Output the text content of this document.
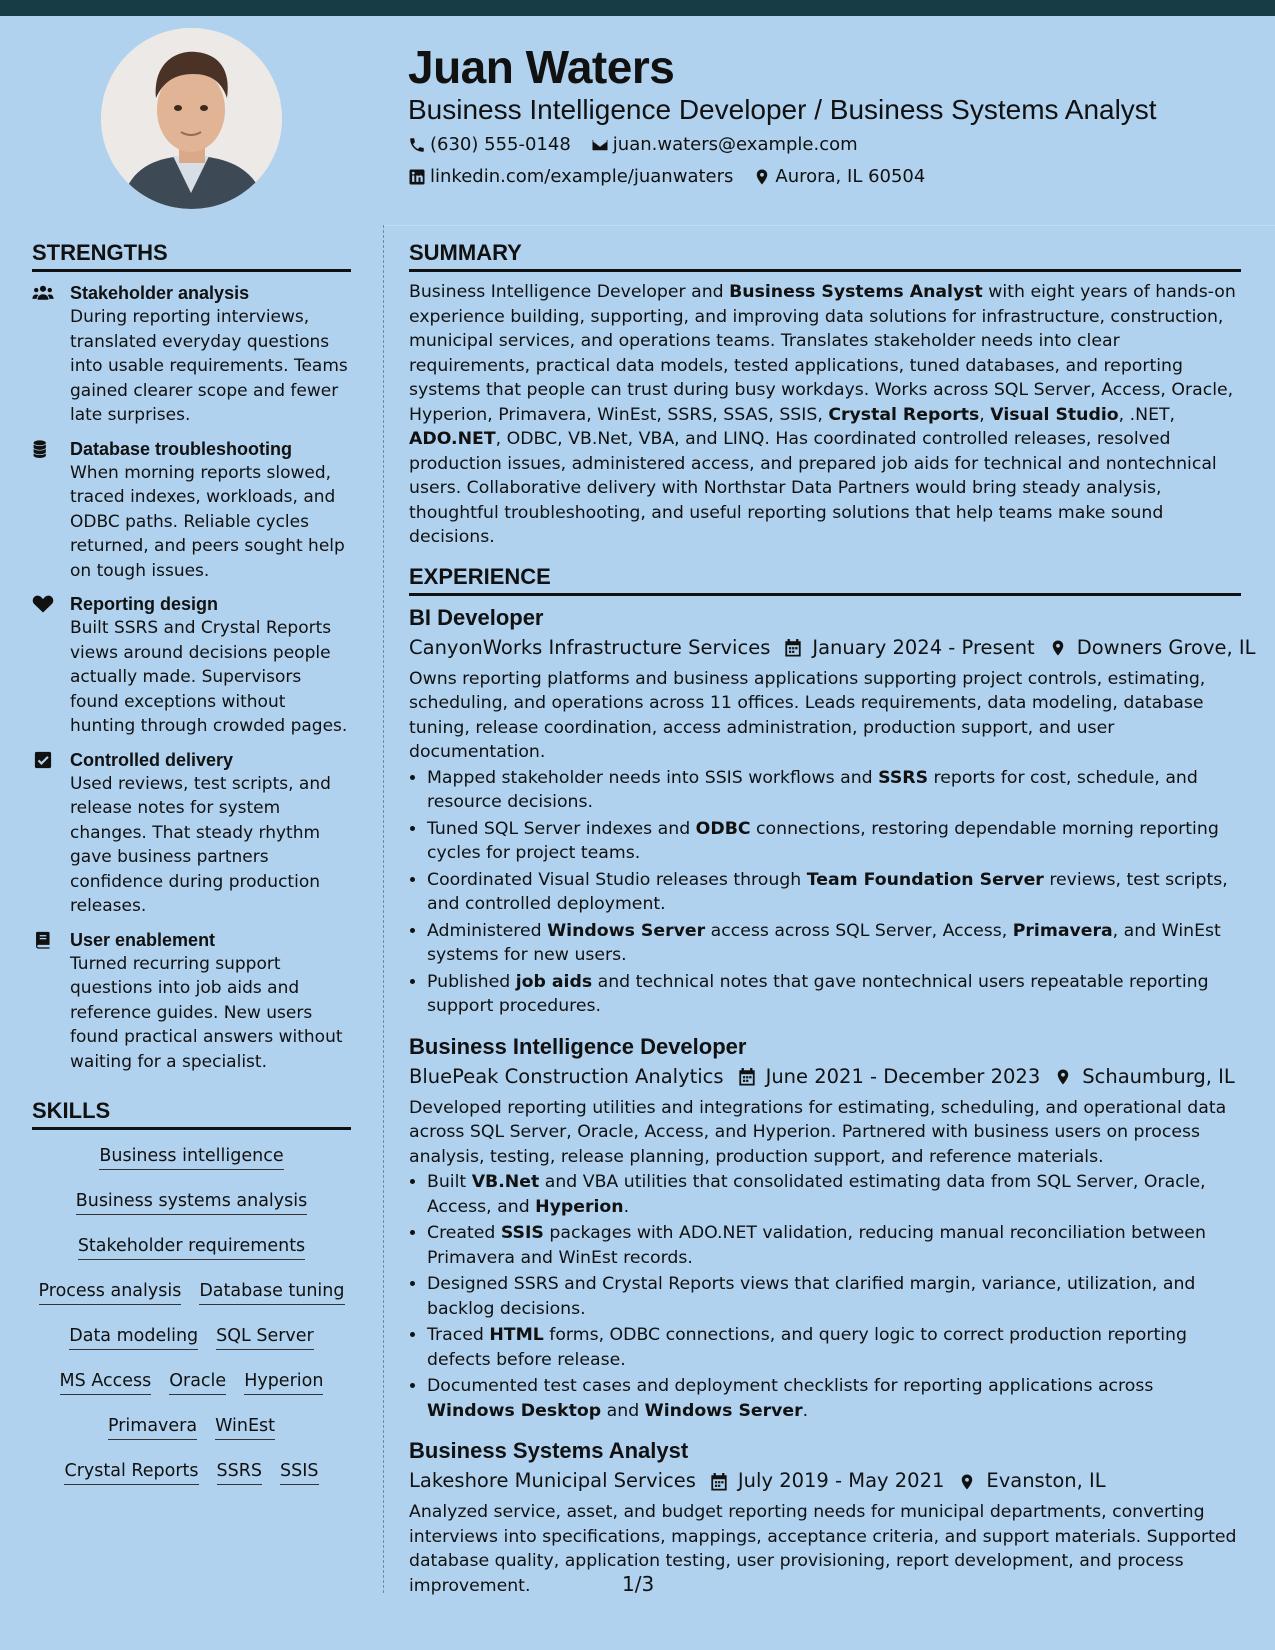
Juan Waters
Business Intelligence Developer / Business Systems Analyst
(630) 555-0148 juan.waters@example.com
linkedin.com/example/juanwaters Aurora, IL 60504
STRENGTHS
Stakeholder analysis
During reporting interviews, translated everyday questions into usable requirements. Teams gained clearer scope and fewer late surprises.
Database troubleshooting
When morning reports slowed, traced indexes, workloads, and ODBC paths. Reliable cycles returned, and peers sought help on tough issues.
Reporting design
Built SSRS and Crystal Reports views around decisions people actually made. Supervisors found exceptions without hunting through crowded pages.
Controlled delivery
Used reviews, test scripts, and release notes for system changes. That steady rhythm gave business partners confidence during production releases.
User enablement
Turned recurring support questions into job aids and reference guides. New users found practical answers without waiting for a specialist.
SKILLS
Business intelligence
Business systems analysis
Stakeholder requirements
Process analysis Database tuning
Data modeling SQL Server
MS Access Oracle Hyperion
Primavera WinEst
Crystal Reports SSRS SSIS
SUMMARY
Business Intelligence Developer and Business Systems Analyst with eight years of hands-on experience building, supporting, and improving data solutions for infrastructure, construction, municipal services, and operations teams. Translates stakeholder needs into clear requirements, practical data models, tested applications, tuned databases, and reporting systems that people can trust during busy workdays. Works across SQL Server, Access, Oracle, Hyperion, Primavera, WinEst, SSRS, SSAS, SSIS, Crystal Reports, Visual Studio, .NET, ADO.NET, ODBC, VB.Net, VBA, and LINQ. Has coordinated controlled releases, resolved production issues, administered access, and prepared job aids for technical and nontechnical users. Collaborative delivery with Northstar Data Partners would bring steady analysis, thoughtful troubleshooting, and useful reporting solutions that help teams make sound decisions.
EXPERIENCE
BI Developer
CanyonWorks Infrastructure Services January 2024 - Present Downers Grove, IL
Owns reporting platforms and business applications supporting project controls, estimating, scheduling, and operations across 11 offices. Leads requirements, data modeling, database tuning, release coordination, access administration, production support, and user documentation.
• Mapped stakeholder needs into SSIS workflows and SSRS reports for cost, schedule, and resource decisions.
• Tuned SQL Server indexes and ODBC connections, restoring dependable morning reporting cycles for project teams.
• Coordinated Visual Studio releases through Team Foundation Server reviews, test scripts, and controlled deployment.
• Administered Windows Server access across SQL Server, Access, Primavera, and WinEst systems for new users.
• Published job aids and technical notes that gave nontechnical users repeatable reporting support procedures.
Business Intelligence Developer
BluePeak Construction Analytics June 2021 - December 2023 Schaumburg, IL
Developed reporting utilities and integrations for estimating, scheduling, and operational data across SQL Server, Oracle, Access, and Hyperion. Partnered with business users on process analysis, testing, release planning, production support, and reference materials.
• Built VB.Net and VBA utilities that consolidated estimating data from SQL Server, Oracle, Access, and Hyperion.
• Created SSIS packages with ADO.NET validation, reducing manual reconciliation between Primavera and WinEst records.
• Designed SSRS and Crystal Reports views that clarified margin, variance, utilization, and backlog decisions.
• Traced HTML forms, ODBC connections, and query logic to correct production reporting defects before release.
• Documented test cases and deployment checklists for reporting applications across Windows Desktop and Windows Server.
Business Systems Analyst
Lakeshore Municipal Services July 2019 - May 2021 Evanston, IL
Analyzed service, asset, and budget reporting needs for municipal departments, converting interviews into specifications, mappings, acceptance criteria, and support materials. Supported database quality, application testing, user provisioning, report development, and process improvement.	1/3
